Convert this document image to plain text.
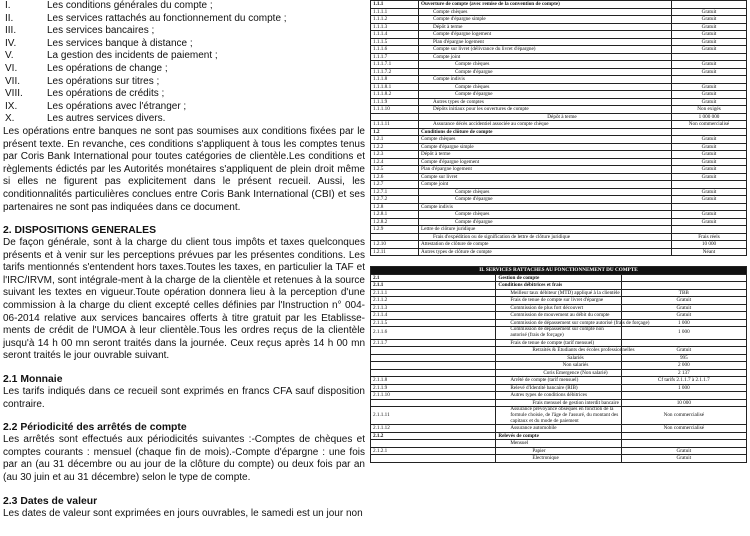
I.	Les conditions générales du compte ;
II.	Les services rattachés au fonctionnement du compte ;
III.	Les services bancaires ;
IV.	Les services banque à distance ;
V.	La gestion des incidents de paiement ;
VI.	Les opérations de change ;
VII.	Les opérations sur titres ;
VIII.	Les opérations de crédits ;
IX.	Les opérations avec l'étranger ;
X.	Les autres services divers.

Les opérations entre banques ne sont pas soumises aux conditions fixées par le présent texte. En revanche, ces conditions s'appliquent à tous les comptes tenus par Coris Bank International pour toutes catégories de clientèle.Les conditions et règlements édictés par les Autorités monétaires s'appliquent de plein droit même si elles ne figurent pas explicitement dans le présent recueil. Aussi, les conditionnalités particulières conclues entre Coris Bank International (CBI) et ses partenaires ne sont pas indiquées dans ce document.

2. DISPOSITIONS GENERALES

De façon générale, sont à la charge du client tous impôts et taxes quelconques présents et à venir sur les perceptions prévues par les présentes conditions. Les tarifs mentionnés s'entendent hors taxes.Toutes les taxes, en particulier la TAF et l'IRC/IRVM, sont intégrale-ment à la charge de la clientèle et retenues à la source suivant les textes en vigueur.Toute opération donnera lieu à la perception d'une commission à la charge du client excepté celles définies par l'Instruction n° 004-06-2014 relative aux services bancaires offerts à titre gratuit par les Etablisse-ments de crédit de l'UMOA à leur clientèle.Tous les ordres reçus de la clientèle jusqu'à 14 h 00 mn seront traités dans la journée. Ceux reçus après 14 h 00 mn seront traités le jour ouvrable suivant.

2.1 Monnaie

Les tarifs indiqués dans ce recueil sont exprimés en francs CFA sauf disposition contraire.

2.2 Périodicité des arrêtés de compte

Les arrêtés sont effectués aux périodicités suivantes :-Comptes de chèques et comptes courants : mensuel (chaque fin de mois).-Compte d'épargne : une fois par an (au 31 décembre ou au jour de la clôture du compte) ou deux fois par an (au 30 juin et au 31 décembre) selon le type de compte.

2.3 Dates de valeur

Les dates de valeur sont exprimées en jours ouvrables, le samedi est un jour non

1.1.1	Ouverture de compte (avec remise de la convention de compte)	
1.1.1.1	Compte chèques	Gratuit
1.1.1.2	Compte d'épargne simple	Gratuit
1.1.1.3	Dépôt à terme	Gratuit
1.1.1.4	Compte d'épargne logement	Gratuit
1.1.1.5	Plan d'épargne logement	Gratuit
1.1.1.6	Compte sur livret (délivrance du livret d'épargne)	Gratuit
1.1.1.7	Compte joint	
1.1.1.7.1	Compte chèques	Gratuit
1.1.1.7.2	Compte d'épargne	Gratuit
1.1.1.8	Compte indivis	
1.1.1.8.1	Compte chèques	Gratuit
1.1.1.8.2	Compte d'épargne	Gratuit
1.1.1.9	Autres types de comptes	Gratuit
1.1.1.10	Dépôts initiaux pour les ouvertures de compte	Non exigés
	Dépôt à terme	1 000 000
1.1.1.11	Assurance décès accidentiel associée au compte chèque	Non commercialisé
1.2	Conditions de clôture de compte	
1.2.1	Compte chèques	Gratuit
1.2.2	Compte d'épargne simple	Gratuit
1.2.3	Dépôt à terme	Gratuit
1.2.4	Compte d'épargne logement	Gratuit
1.2.5	Plan d'épargne logement	Gratuit
1.2.6	Compte sur livret	Gratuit
1.2.7	Compte joint	
1.2.7.1	Compte chèques	Gratuit
1.2.7.2	Compte d'épargne	Gratuit
1.2.8	Compte indivis	
1.2.8.1	Compte chèques	Gratuit
1.2.8.2	Compte d'épargne	Gratuit
1.2.9	Lettre de clôture juridique	
	Frais d'expédition ou de signification de lettre de clôture juridique	Frais réels
1.2.10	Attestation de clôture de compte	10 000
1.2.11	Autres types de clôture de compte	Néant
II. SERVICES RATTACHES AU FONCTIONNEMENT DU COMPTE		
2.1	Gestion de compte	
2.1.1	Conditions débitrices et frais	
2.1.1.1	Meilleur taux débiteur (MTD) appliqué à la clientèle	TBB
2.1.1.2	Frais de tenue de compte sur livret d'épargne	Gratuit
2.1.1.3	Commission de plus fort découvert	Gratuit
2.1.1.4	Commission de mouvement au débit du compte	Gratuit
2.1.1.5	Commission de dépassement sur compte autorisé (frais de forçage)	1 000
2.1.1.6	Commission de dépassement sur compte non autorisé (frais de forçage)	1 000
2.1.1.7	Frais de tenue de compte (tarif mensuel)	
	Retraités & Etudiants des écoles professionnelles	Gratuit
	Salariés	995
	Non salariés	2 000
	Coris Emergence (Non salarié)	2 137
2.1.1.8	Arrêté de compte (tarif mensuel)	Cf tarifs 2.1.1.7 à 2.1.1.7
2.1.1.9	Relevé d'Identité bancaire (RIB)	1 000
2.1.1.10	Autres types de conditions débitrices	
	Frais mensuel de gestion interdit bancaire	10 000
2.1.1.11	Assurance prévoyance obsèques en fonction de la formule choisie, de l'âge de l'assuré, du montant des capitaux et du mode de paiement	Non commercialisé
2.1.1.12	Assurance automobile	Non commercialisé
2.1.2	Relevés de compte	
	Mensuel	
2.1.2.1	Papier	Gratuit
	Electronique	Gratuit
